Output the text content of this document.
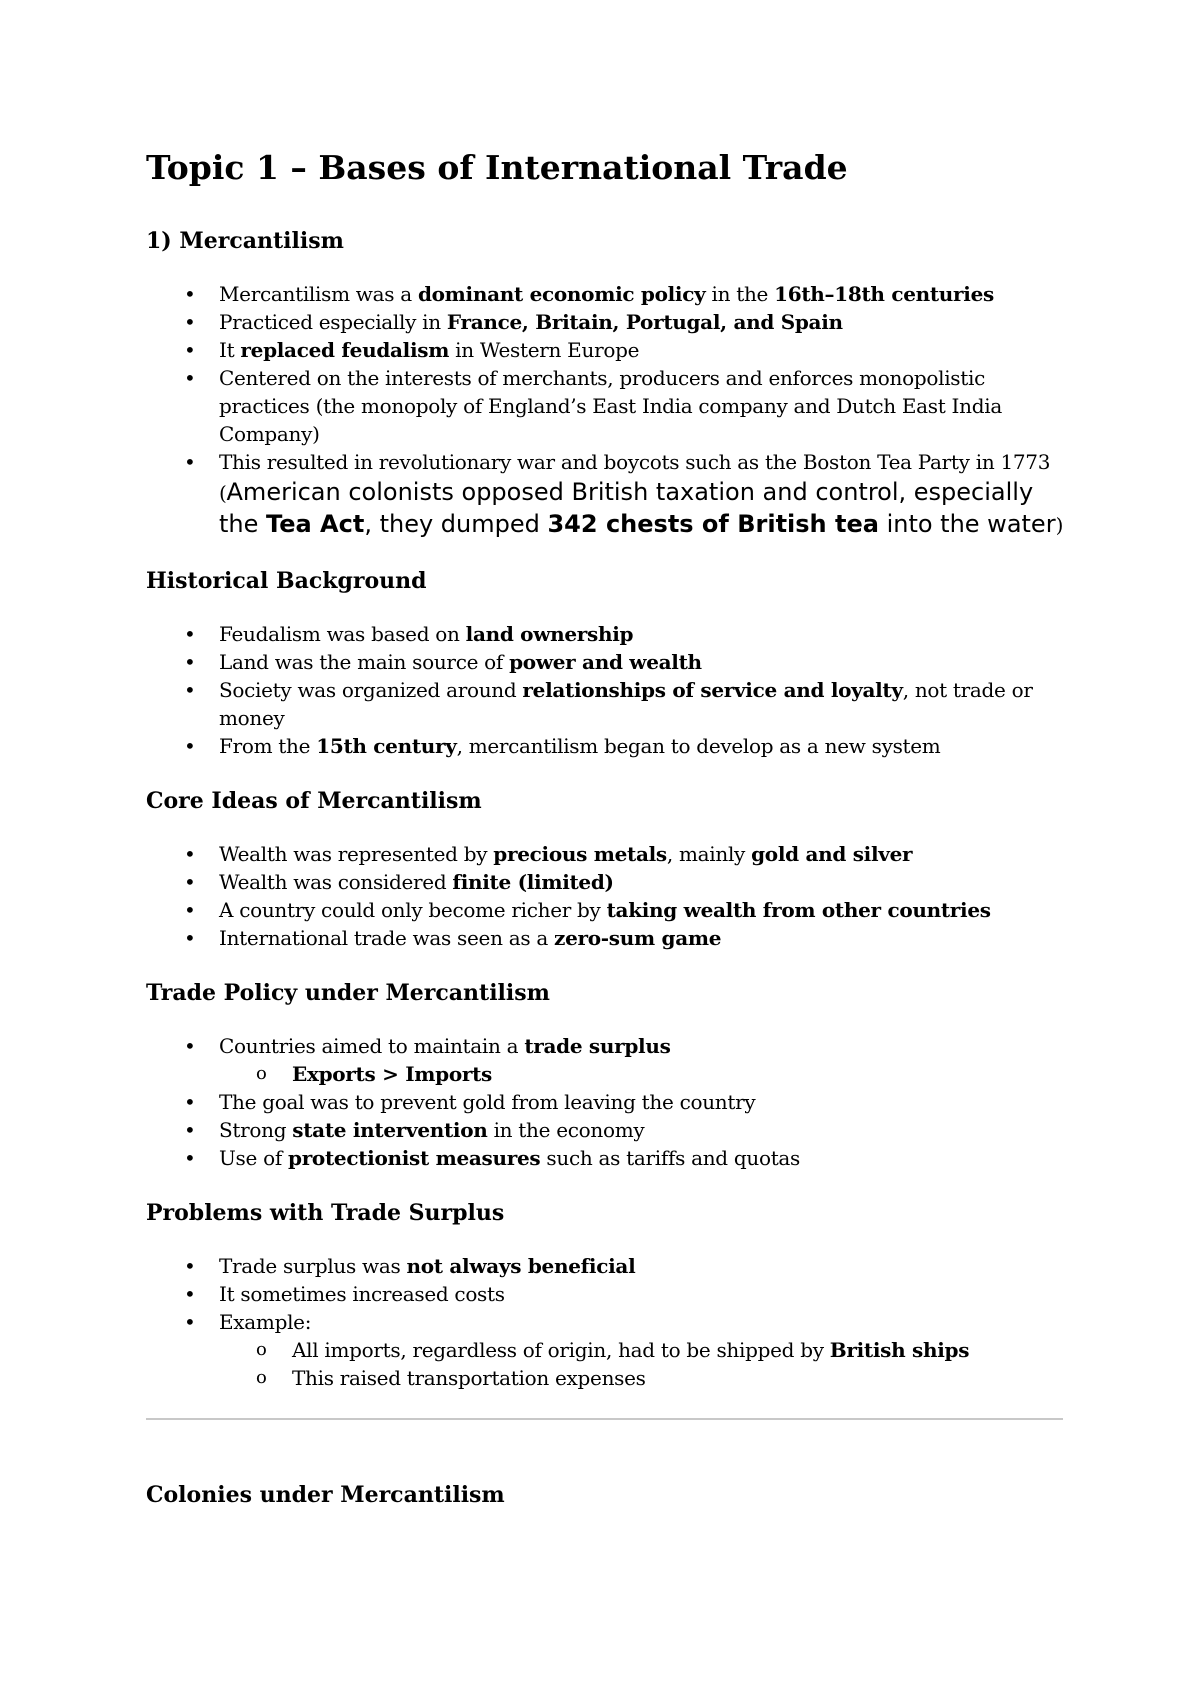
Topic 1 – Bases of International Trade
1) Mercantilism
• Mercantilism was a dominant economic policy in the 16th–18th centuries
• Practiced especially in France, Britain, Portugal, and Spain
• It replaced feudalism in Western Europe
• Centered on the interests of merchants, producers and enforces monopolistic practices (the monopoly of England’s East India company and Dutch East India Company)
• This resulted in revolutionary war and boycots such as the Boston Tea Party in 1773 (American colonists opposed British taxation and control, especially the Tea Act, they dumped 342 chests of British tea into the water)
Historical Background
• Feudalism was based on land ownership
• Land was the main source of power and wealth
• Society was organized around relationships of service and loyalty, not trade or money
• From the 15th century, mercantilism began to develop as a new system
Core Ideas of Mercantilism
• Wealth was represented by precious metals, mainly gold and silver
• Wealth was considered finite (limited)
• A country could only become richer by taking wealth from other countries
• International trade was seen as a zero-sum game
Trade Policy under Mercantilism
• Countries aimed to maintain a trade surplus
o Exports > Imports
• The goal was to prevent gold from leaving the country
• Strong state intervention in the economy
• Use of protectionist measures such as tariffs and quotas
Problems with Trade Surplus
• Trade surplus was not always beneficial
• It sometimes increased costs
• Example:
o All imports, regardless of origin, had to be shipped by British ships
o This raised transportation expenses
Colonies under Mercantilism
